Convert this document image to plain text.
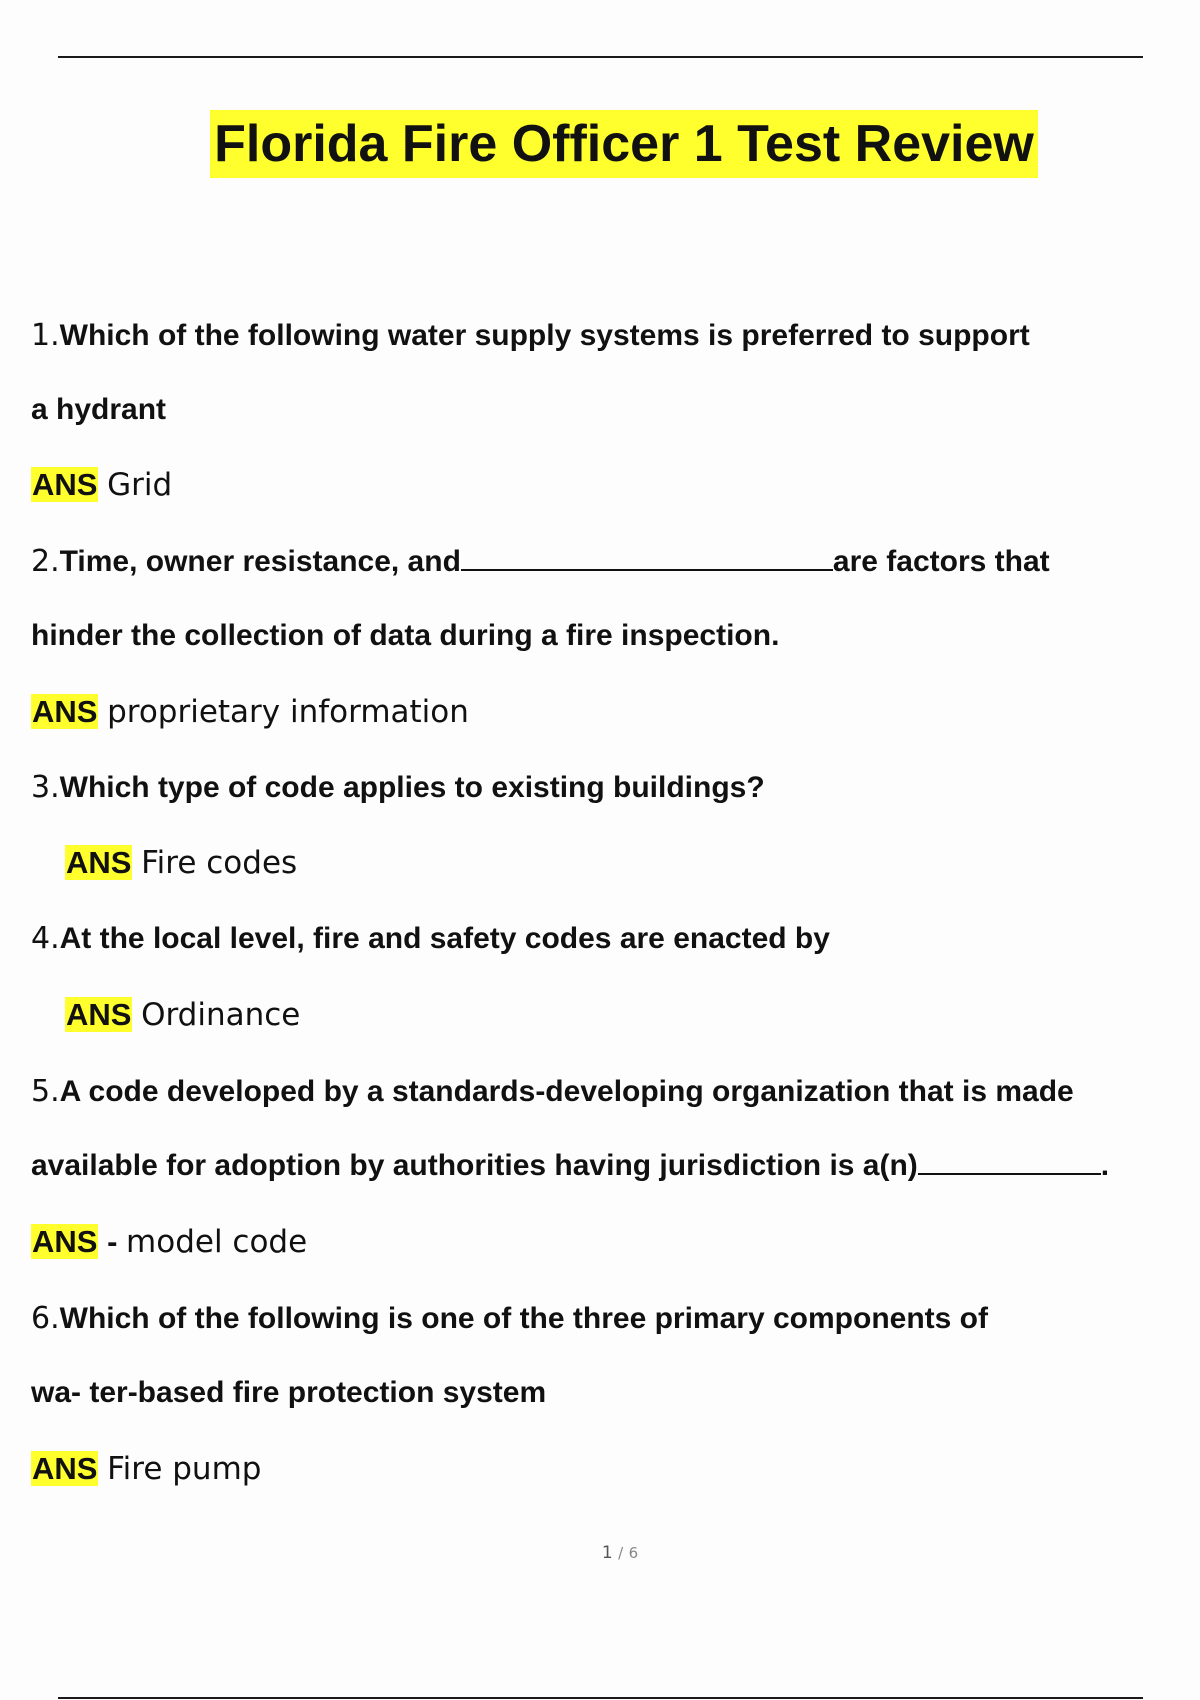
Florida Fire Officer 1 Test Review
1.Which of the following water supply systems is preferred to support
a hydrant
ANS Grid
2.Time, owner resistance, and	are factors that
hinder the collection of data during a fire inspection.
ANS proprietary information
3.Which type of code applies to existing buildings?
ANS Fire codes
4.At the local level, fire and safety codes are enacted by
ANS Ordinance
5.A code developed by a standards-developing organization that is made
available for adoption by authorities having jurisdiction is a(n)	.
ANS - model code
6.Which of the following is one of the three primary components of
wa- ter-based fire protection system
ANS Fire pump
1 / 6
